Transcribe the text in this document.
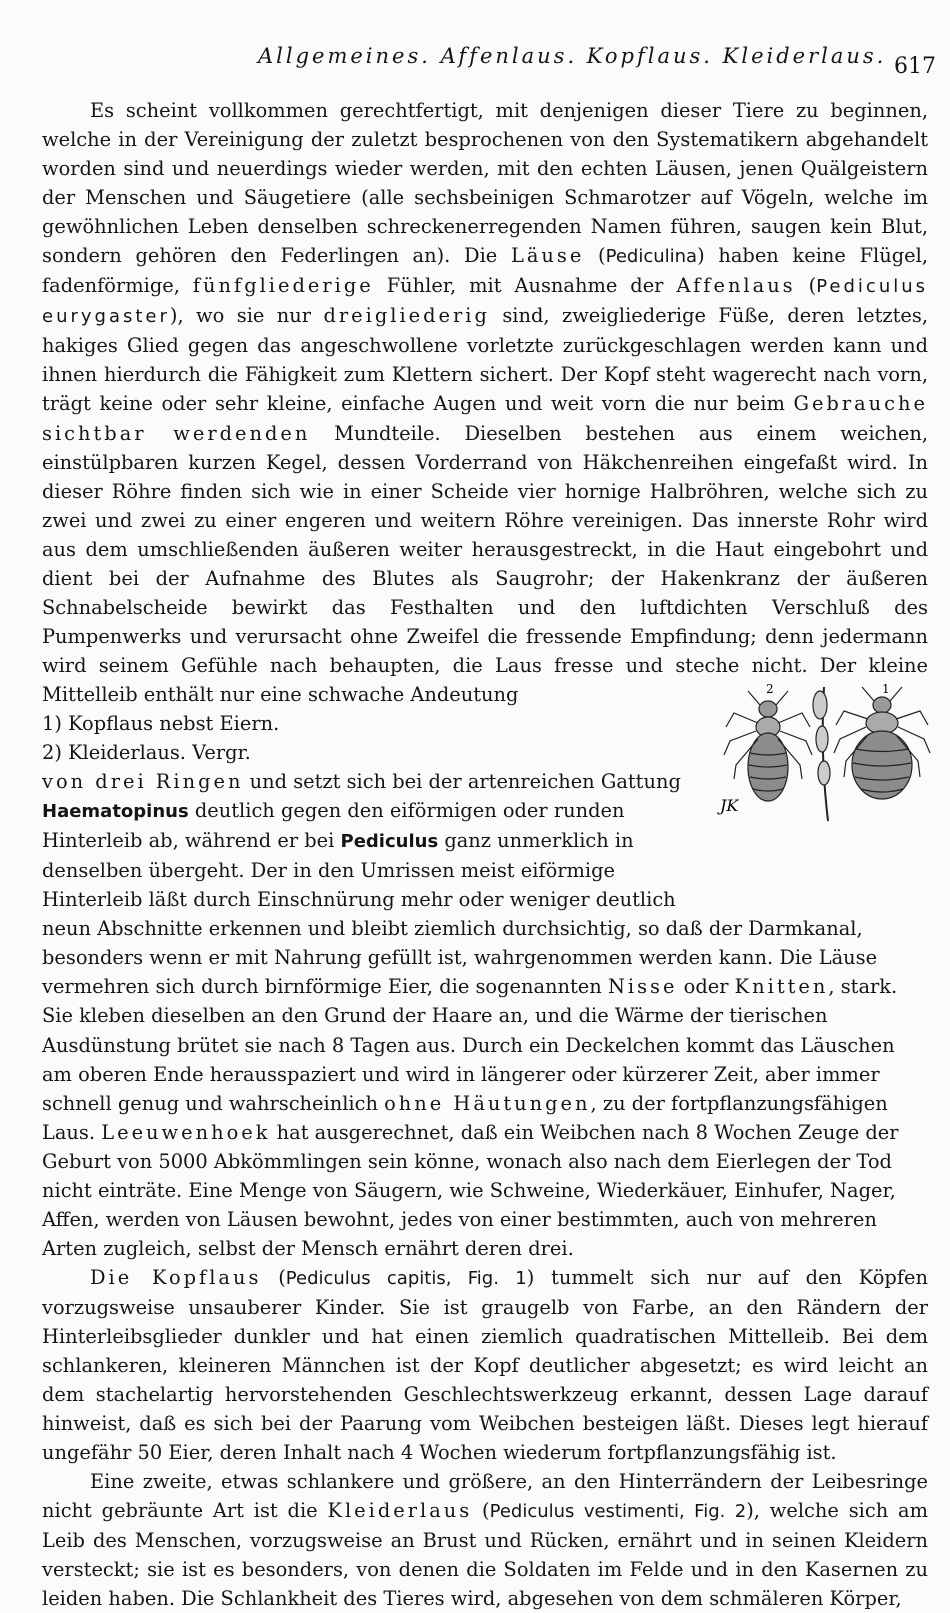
Allgemeines. Affenlaus. Kopflaus. Kleiderlaus. 617

Es scheint vollkommen gerechtfertigt, mit denjenigen dieser Tiere zu beginnen, welche in der Vereinigung der zuletzt besprochenen von den Systematikern abgehandelt worden sind und neuerdings wieder werden, mit den echten Läusen, jenen Quälgeistern der Menschen und Säugetiere (alle sechsbeinigen Schmarotzer auf Vögeln, welche im gewöhnlichen Leben denselben schreckenerregenden Namen führen, saugen kein Blut, sondern gehören den Federlingen an). Die Läuse (Pediculina) haben keine Flügel, fadenförmige, fünfgliederige Fühler, mit Ausnahme der Affenlaus (Pediculus eurygaster), wo sie nur dreigliederig sind, zweigliederige Füße, deren letztes, hakiges Glied gegen das angeschwollene vorletzte zurückgeschlagen werden kann und ihnen hierdurch die Fähigkeit zum Klettern sichert. Der Kopf steht wagerecht nach vorn, trägt keine oder sehr kleine, einfache Augen und weit vorn die nur beim Gebrauche sichtbar werdenden Mundteile. Dieselben bestehen aus einem weichen, einstülpbaren kurzen Kegel, dessen Vorderrand von Häkchenreihen eingefaßt wird. In dieser Röhre finden sich wie in einer Scheide vier hornige Halbröhren, welche sich zu zwei und zwei zu einer engeren und weitern Röhre vereinigen. Das innerste Rohr wird aus dem umschließenden äußeren weiter herausgestreckt, in die Haut eingebohrt und dient bei der Aufnahme des Blutes als Saugrohr; der Hakenkranz der äußeren Schnabelscheide bewirkt das Festhalten und den luftdichten Verschluß des Pumpenwerks und verursacht ohne Zweifel die fressende Empfindung; denn jedermann wird seinem Gefühle nach behaupten, die Laus fresse und steche nicht. Der kleine Mittelleib enthält nur eine schwache Andeutung	2	1
JK

1) Kopflaus nebst Eiern.
2) Kleiderlaus. Vergr.
von drei Ringen und setzt sich bei der artenreichen Gattung Haematopinus deutlich gegen den eiförmigen oder runden Hinterleib ab, während er bei Pediculus ganz unmerklich in denselben übergeht. Der in den Umrissen meist eiförmige Hinterleib läßt durch Einschnürung mehr oder weniger deutlich neun Abschnitte erkennen und bleibt ziemlich durchsichtig, so daß der Darmkanal, besonders wenn er mit Nahrung gefüllt ist, wahrgenommen werden kann. Die Läuse vermehren sich durch birnförmige Eier, die sogenannten Nisse oder Knitten, stark. Sie kleben dieselben an den Grund der Haare an, und die Wärme der tierischen Ausdünstung brütet sie nach 8 Tagen aus. Durch ein Deckelchen kommt das Läuschen am oberen Ende herausspaziert und wird in längerer oder kürzerer Zeit, aber immer schnell genug und wahrscheinlich ohne Häutungen, zu der fortpflanzungsfähigen Laus. Leeuwenhoek hat ausgerechnet, daß ein Weibchen nach 8 Wochen Zeuge der Geburt von 5000 Abkömmlingen sein könne, wonach also nach dem Eierlegen der Tod nicht einträte. Eine Menge von Säugern, wie Schweine, Wiederkäuer, Einhufer, Nager, Affen, werden von Läusen bewohnt, jedes von einer bestimmten, auch von mehreren Arten zugleich, selbst der Mensch ernährt deren drei.

Die Kopflaus (Pediculus capitis, Fig. 1) tummelt sich nur auf den Köpfen vorzugsweise unsauberer Kinder. Sie ist graugelb von Farbe, an den Rändern der Hinterleibsglieder dunkler und hat einen ziemlich quadratischen Mittelleib. Bei dem schlankeren, kleineren Männchen ist der Kopf deutlicher abgesetzt; es wird leicht an dem stachelartig hervorstehenden Geschlechtswerkzeug erkannt, dessen Lage darauf hinweist, daß es sich bei der Paarung vom Weibchen besteigen läßt. Dieses legt hierauf ungefähr 50 Eier, deren Inhalt nach 4 Wochen wiederum fortpflanzungsfähig ist.

Eine zweite, etwas schlankere und größere, an den Hinterrändern der Leibesringe nicht gebräunte Art ist die Kleiderlaus (Pediculus vestimenti, Fig. 2), welche sich am Leib des Menschen, vorzugsweise an Brust und Rücken, ernährt und in seinen Kleidern versteckt; sie ist es besonders, von denen die Soldaten im Felde und in den Kasernen zu leiden haben. Die Schlankheit des Tieres wird, abgesehen von dem schmäleren Körper,
